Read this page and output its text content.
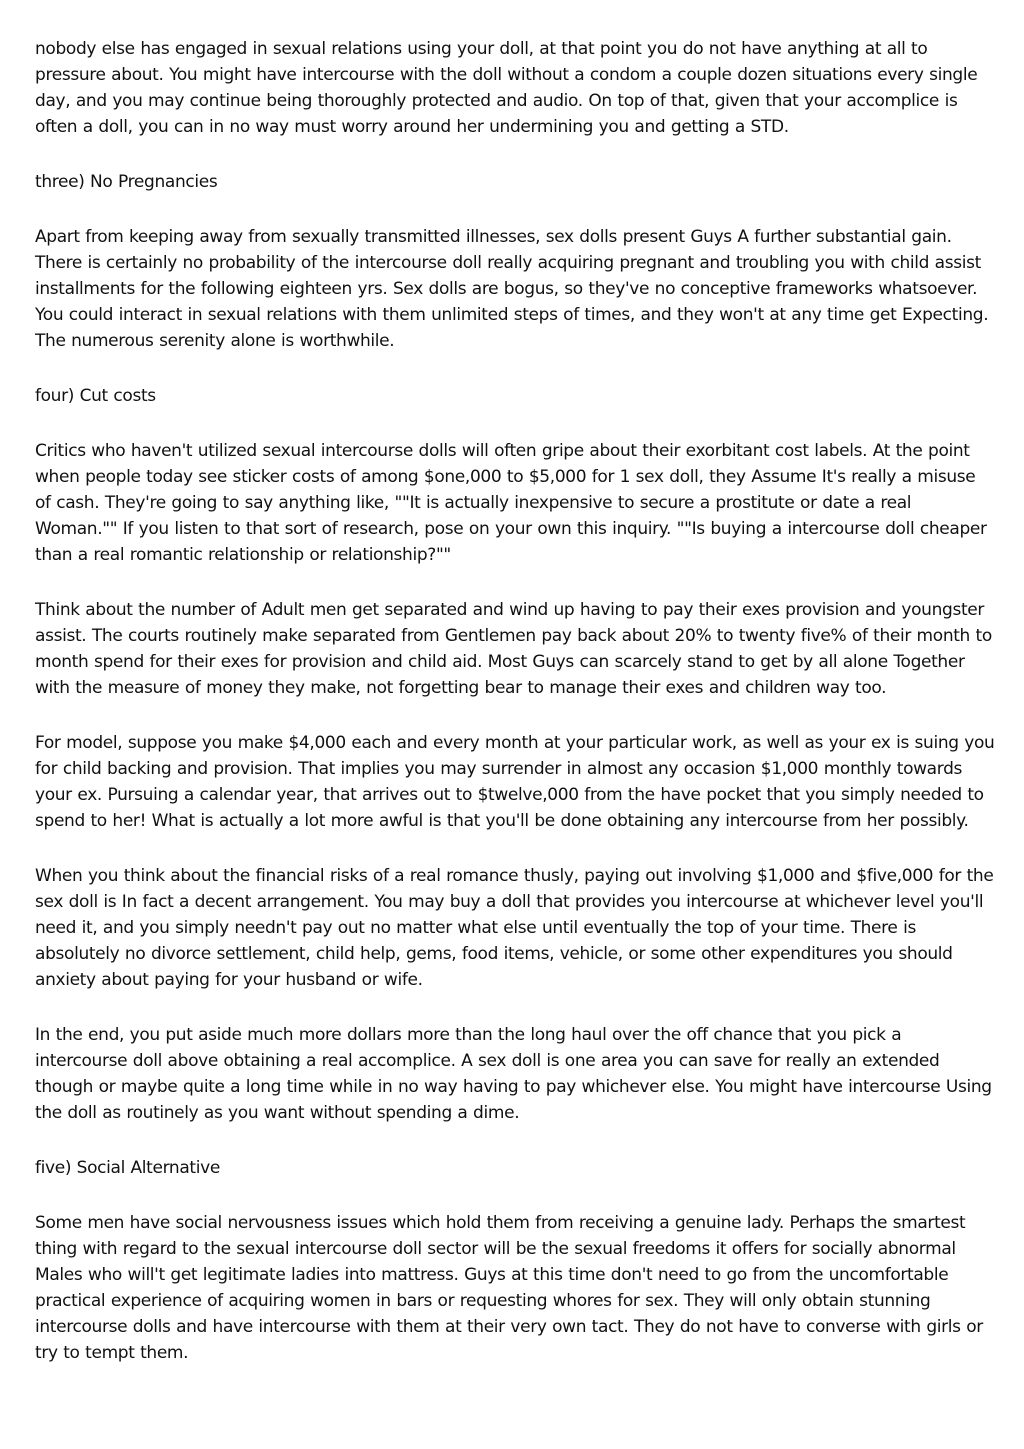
nobody else has engaged in sexual relations using your doll, at that point you do not have anything at all to pressure about. You might have intercourse with the doll without a condom a couple dozen situations every single day, and you may continue being thoroughly protected and audio. On top of that, given that your accomplice is often a doll, you can in no way must worry around her undermining you and getting a STD.

three) No Pregnancies

Apart from keeping away from sexually transmitted illnesses, sex dolls present Guys A further substantial gain. There is certainly no probability of the intercourse doll really acquiring pregnant and troubling you with child assist installments for the following eighteen yrs. Sex dolls are bogus, so they've no conceptive frameworks whatsoever. You could interact in sexual relations with them unlimited steps of times, and they won't at any time get Expecting. The numerous serenity alone is worthwhile.

four) Cut costs

Critics who haven't utilized sexual intercourse dolls will often gripe about their exorbitant cost labels. At the point when people today see sticker costs of among $one,000 to $5,000 for 1 sex doll, they Assume It's really a misuse of cash. They're going to say anything like, ""It is actually inexpensive to secure a prostitute or date a real Woman."" If you listen to that sort of research, pose on your own this inquiry. ""Is buying a intercourse doll cheaper than a real romantic relationship or relationship?""

Think about the number of Adult men get separated and wind up having to pay their exes provision and youngster assist. The courts routinely make separated from Gentlemen pay back about 20% to twenty five% of their month to month spend for their exes for provision and child aid. Most Guys can scarcely stand to get by all alone Together with the measure of money they make, not forgetting bear to manage their exes and children way too.

For model, suppose you make $4,000 each and every month at your particular work, as well as your ex is suing you for child backing and provision. That implies you may surrender in almost any occasion $1,000 monthly towards your ex. Pursuing a calendar year, that arrives out to $twelve,000 from the have pocket that you simply needed to spend to her! What is actually a lot more awful is that you'll be done obtaining any intercourse from her possibly.

When you think about the financial risks of a real romance thusly, paying out involving $1,000 and $five,000 for the sex doll is In fact a decent arrangement. You may buy a doll that provides you intercourse at whichever level you'll need it, and you simply needn't pay out no matter what else until eventually the top of your time. There is absolutely no divorce settlement, child help, gems, food items, vehicle, or some other expenditures you should anxiety about paying for your husband or wife.

In the end, you put aside much more dollars more than the long haul over the off chance that you pick a intercourse doll above obtaining a real accomplice. A sex doll is one area you can save for really an extended though or maybe quite a long time while in no way having to pay whichever else. You might have intercourse Using the doll as routinely as you want without spending a dime.

five) Social Alternative

Some men have social nervousness issues which hold them from receiving a genuine lady. Perhaps the smartest thing with regard to the sexual intercourse doll sector will be the sexual freedoms it offers for socially abnormal Males who will't get legitimate ladies into mattress. Guys at this time don't need to go from the uncomfortable practical experience of acquiring women in bars or requesting whores for sex. They will only obtain stunning intercourse dolls and have intercourse with them at their very own tact. They do not have to converse with girls or try to tempt them.
